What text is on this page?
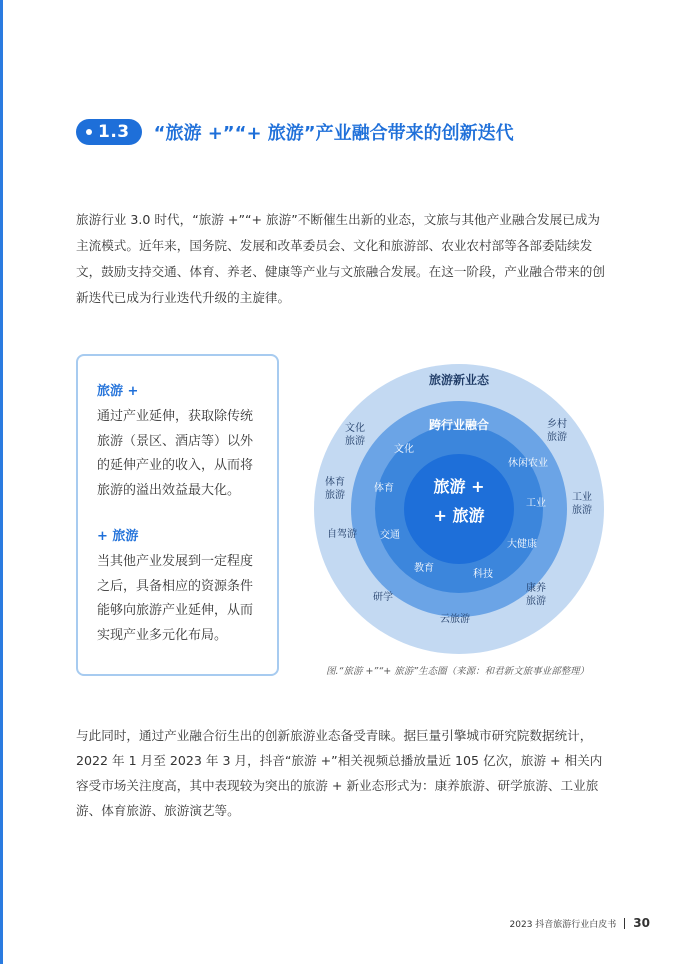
1.3 “旅游 +”“+ 旅游”产业融合带来的创新迭代
旅游行业 3.0 时代，“旅游 +”“+ 旅游”不断催生出新的业态，文旅与其他产业融合发展已成为主流模式。近年来，国务院、发展和改革委员会、文化和旅游部、农业农村部等各部委陆续发文，鼓励支持交通、体育、养老、健康等产业与文旅融合发展。在这一阶段，产业融合带来的创新迭代已成为行业迭代升级的主旋律。
旅游 +
通过产业延伸，获取除传统旅游（景区、酒店等）以外的延伸产业的收入，从而将旅游的溢出效益最大化。
+ 旅游
当其他产业发展到一定程度之后，具备相应的资源条件能够向旅游产业延伸，从而实现产业多元化布局。
旅游新业态
文化
旅游
乡村
旅游
体育
旅游	工业
旅游
自驾游
康养
旅游
研学
云旅游
跨行业融合
文化
休闲农业
体育
工业
交通
大健康
教育
科技
旅游 +
+ 旅游
图.“旅游 +”“+ 旅游”生态圈（来源：和君新文旅事业部整理）
与此同时，通过产业融合衍生出的创新旅游业态备受青睐。据巨量引擎城市研究院数据统计，2022 年 1 月至 2023 年 3 月，抖音“旅游 +”相关视频总播放量近 105 亿次，旅游 + 相关内容受市场关注度高，其中表现较为突出的旅游 + 新业态形式为：康养旅游、研学旅游、工业旅游、体育旅游、旅游演艺等。
2023 抖音旅游行业白皮书 30
